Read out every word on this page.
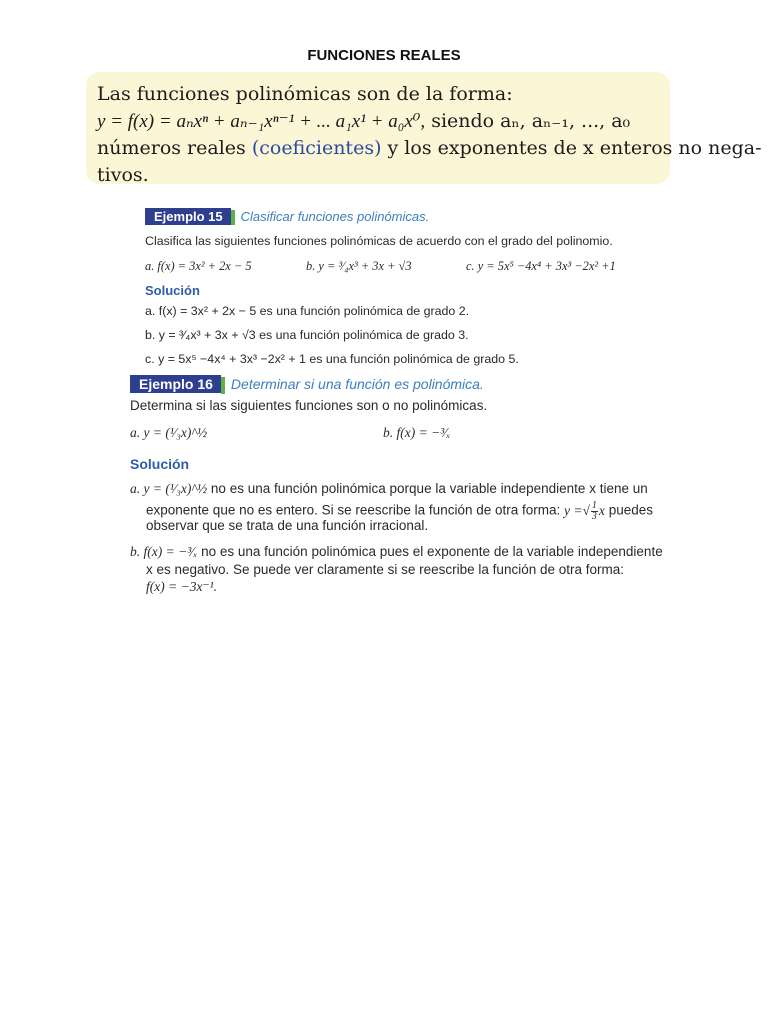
FUNCIONES REALES
Las funciones polinómicas son de la forma:
y = f(x) = aₙxⁿ + aₙ₋₁xⁿ⁻¹ + ... a₁x¹ + a₀x⁰, siendo aₙ, aₙ₋₁, ..., a₀
números reales (coeficientes) y los exponentes de x enteros no nega-
tivos.
Ejemplo 15 Clasificar funciones polinómicas.
Clasifica las siguientes funciones polinómicas de acuerdo con el grado del polinomio.
a. f(x) = 3x² + 2x − 5	b. y = ³⁄₄x³ + 3x + √3	c. y = 5x⁵ −4x⁴ + 3x³ −2x² +1
Solución
a. f(x) = 3x² + 2x − 5 es una función polinómica de grado 2.
b. y = ³⁄₄x³ + 3x + √3 es una función polinómica de grado 3.
c. y = 5x⁵ −4x⁴ + 3x³ −2x² + 1 es una función polinómica de grado 5.
Ejemplo 16 Determinar si una función es polinómica.
Determina si las siguientes funciones son o no polinómicas.
a. y = (¹⁄₃x)^½	b. f(x) = −³⁄ₓ
Solución
a. y = (¹⁄₃x)^½ no es una función polinómica porque la variable independiente x tiene un
exponente que no es entero. Si se reescribe la función de otra forma: y =√ $\frac{1}{3}$ x puedes
observar que se trata de una función irracional.
b. f(x) = −³⁄ₓ no es una función polinómica pues el exponente de la variable independiente
x es negativo. Se puede ver claramente si se reescribe la función de otra forma:
f(x) = −3x⁻¹.
